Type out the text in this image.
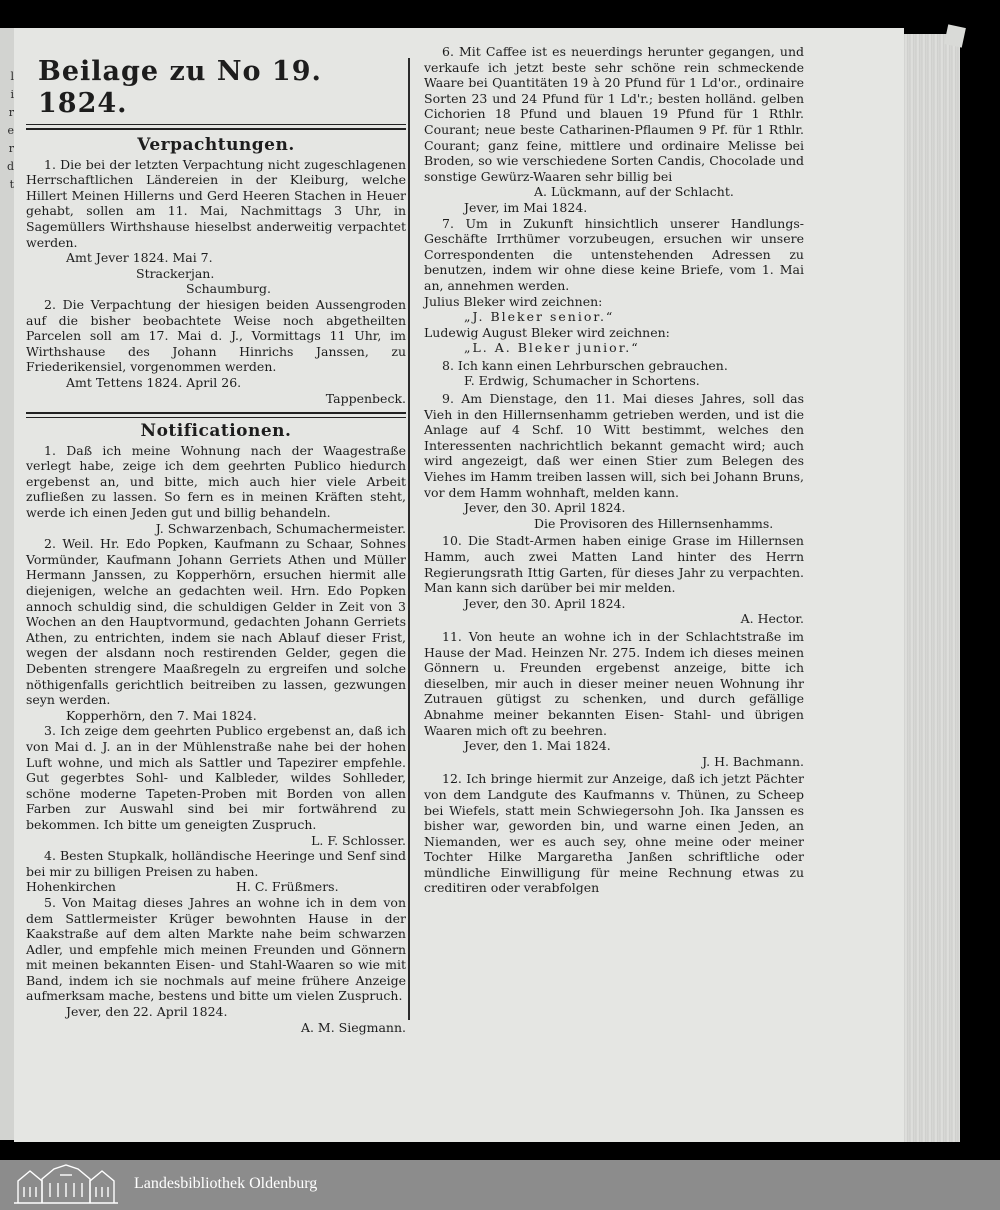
l
i
r
e
r
d
t
Beilage zu No 19. 1824.
Verpachtungen.

1. Die bei der letzten Verpachtung nicht zugeschlagenen Herrschaftlichen Ländereien in der Kleiburg, welche Hillert Meinen Hillerns und Gerd Heeren Stachen in Heuer gehabt, sollen am 11. Mai, Nachmittags 3 Uhr, in Sagemüllers Wirthshause hieselbst anderweitig verpachtet werden.

Amt Jever 1824. Mai 7.

Strackerjan.

Schaumburg.

2. Die Verpachtung der hiesigen beiden Aussengroden auf die bisher beobachtete Weise noch abgetheilten Parcelen soll am 17. Mai d. J., Vormittags 11 Uhr, im Wirthshause des Johann Hinrichs Janssen, zu Friederikensiel, vorgenommen werden.

Amt Tettens 1824. April 26.

Tappenbeck.

Notificationen.

1. Daß ich meine Wohnung nach der Waagestraße verlegt habe, zeige ich dem geehrten Publico hiedurch ergebenst an, und bitte, mich auch hier viele Arbeit zufließen zu lassen. So fern es in meinen Kräften steht, werde ich einen Jeden gut und billig behandeln.

J. Schwarzenbach, Schumachermeister.

2. Weil. Hr. Edo Popken, Kaufmann zu Schaar, Sohnes Vormünder, Kaufmann Johann Gerriets Athen und Müller Hermann Janssen, zu Kopperhörn, ersuchen hiermit alle diejenigen, welche an gedachten weil. Hrn. Edo Popken annoch schuldig sind, die schuldigen Gelder in Zeit von 3 Wochen an den Hauptvormund, gedachten Johann Gerriets Athen, zu entrichten, indem sie nach Ablauf dieser Frist, wegen der alsdann noch restirenden Gelder, gegen die Debenten strengere Maaßregeln zu ergreifen und solche nöthigenfalls gerichtlich beitreiben zu lassen, gezwungen seyn werden.

Kopperhörn, den 7. Mai 1824.

3. Ich zeige dem geehrten Publico ergebenst an, daß ich von Mai d. J. an in der Mühlenstraße nahe bei der hohen Luft wohne, und mich als Sattler und Tapezirer empfehle. Gut gegerbtes Sohl- und Kalbleder, wildes Sohlleder, schöne moderne Tapeten-Proben mit Borden von allen Farben zur Auswahl sind bei mir fortwährend zu bekommen. Ich bitte um geneigten Zuspruch.

L. F. Schlosser.

4. Besten Stupkalk, holländische Heeringe und Senf sind bei mir zu billigen Preisen zu haben.

Hohenkirchen	H. C. Früßmers.

5. Von Maitag dieses Jahres an wohne ich in dem von dem Sattlermeister Krüger bewohnten Hause in der Kaakstraße auf dem alten Markte nahe beim schwarzen Adler, und empfehle mich meinen Freunden und Gönnern mit meinen bekannten Eisen- und Stahl-Waaren so wie mit Band, indem ich sie nochmals auf meine frühere Anzeige aufmerksam mache, bestens und bitte um vielen Zuspruch.

Jever, den 22. April 1824.

A. M. Siegmann.

6. Mit Caffee ist es neuerdings herunter gegangen, und verkaufe ich jetzt beste sehr schöne rein schmeckende Waare bei Quantitäten 19 à 20 Pfund für 1 Ld'or., ordinaire Sorten 23 und 24 Pfund für 1 Ld'r.; besten holländ. gelben Cichorien 18 Pfund und blauen 19 Pfund für 1 Rthlr. Courant; neue beste Catharinen-Pflaumen 9 Pf. für 1 Rthlr. Courant; ganz feine, mittlere und ordinaire Melisse bei Broden, so wie verschiedene Sorten Candis, Chocolade und sonstige Gewürz-Waaren sehr billig bei

A. Lückmann, auf der Schlacht.

Jever, im Mai 1824.

7. Um in Zukunft hinsichtlich unserer Handlungs-Geschäfte Irrthümer vorzubeugen, ersuchen wir unsere Correspondenten die untenstehenden Adressen zu benutzen, indem wir ohne diese keine Briefe, vom 1. Mai an, annehmen werden.

Julius Bleker wird zeichnen:

„J. Bleker senior.“

Ludewig August Bleker wird zeichnen:

„L. A. Bleker junior.“

8. Ich kann einen Lehrburschen gebrauchen.

F. Erdwig, Schumacher in Schortens.

9. Am Dienstage, den 11. Mai dieses Jahres, soll das Vieh in den Hillernsenhamm getrieben werden, und ist die Anlage auf 4 Schf. 10 Witt bestimmt, welches den Interessenten nachrichtlich bekannt gemacht wird; auch wird angezeigt, daß wer einen Stier zum Belegen des Viehes im Hamm treiben lassen will, sich bei Johann Bruns, vor dem Hamm wohnhaft, melden kann.

Jever, den 30. April 1824.

Die Provisoren des Hillernsenhamms.

10. Die Stadt-Armen haben einige Grase im Hillernsen Hamm, auch zwei Matten Land hinter des Herrn Regierungsrath Ittig Garten, für dieses Jahr zu verpachten. Man kann sich darüber bei mir melden.

Jever, den 30. April 1824.

A. Hector.

11. Von heute an wohne ich in der Schlachtstraße im Hause der Mad. Heinzen Nr. 275. Indem ich dieses meinen Gönnern u. Freunden ergebenst anzeige, bitte ich dieselben, mir auch in dieser meiner neuen Wohnung ihr Zutrauen gütigst zu schenken, und durch gefällige Abnahme meiner bekannten Eisen- Stahl- und übrigen Waaren mich oft zu beehren.

Jever, den 1. Mai 1824.

J. H. Bachmann.

12. Ich bringe hiermit zur Anzeige, daß ich jetzt Pächter von dem Landgute des Kaufmanns v. Thünen, zu Scheep bei Wiefels, statt mein Schwiegersohn Joh. Ika Janssen es bisher war, geworden bin, und warne einen Jeden, an Niemanden, wer es auch sey, ohne meine oder meiner Tochter Hilke Margaretha Janßen schriftliche oder mündliche Einwilligung für meine Rechnung etwas zu creditiren oder verabfolgen

Landesbibliothek Oldenburg
